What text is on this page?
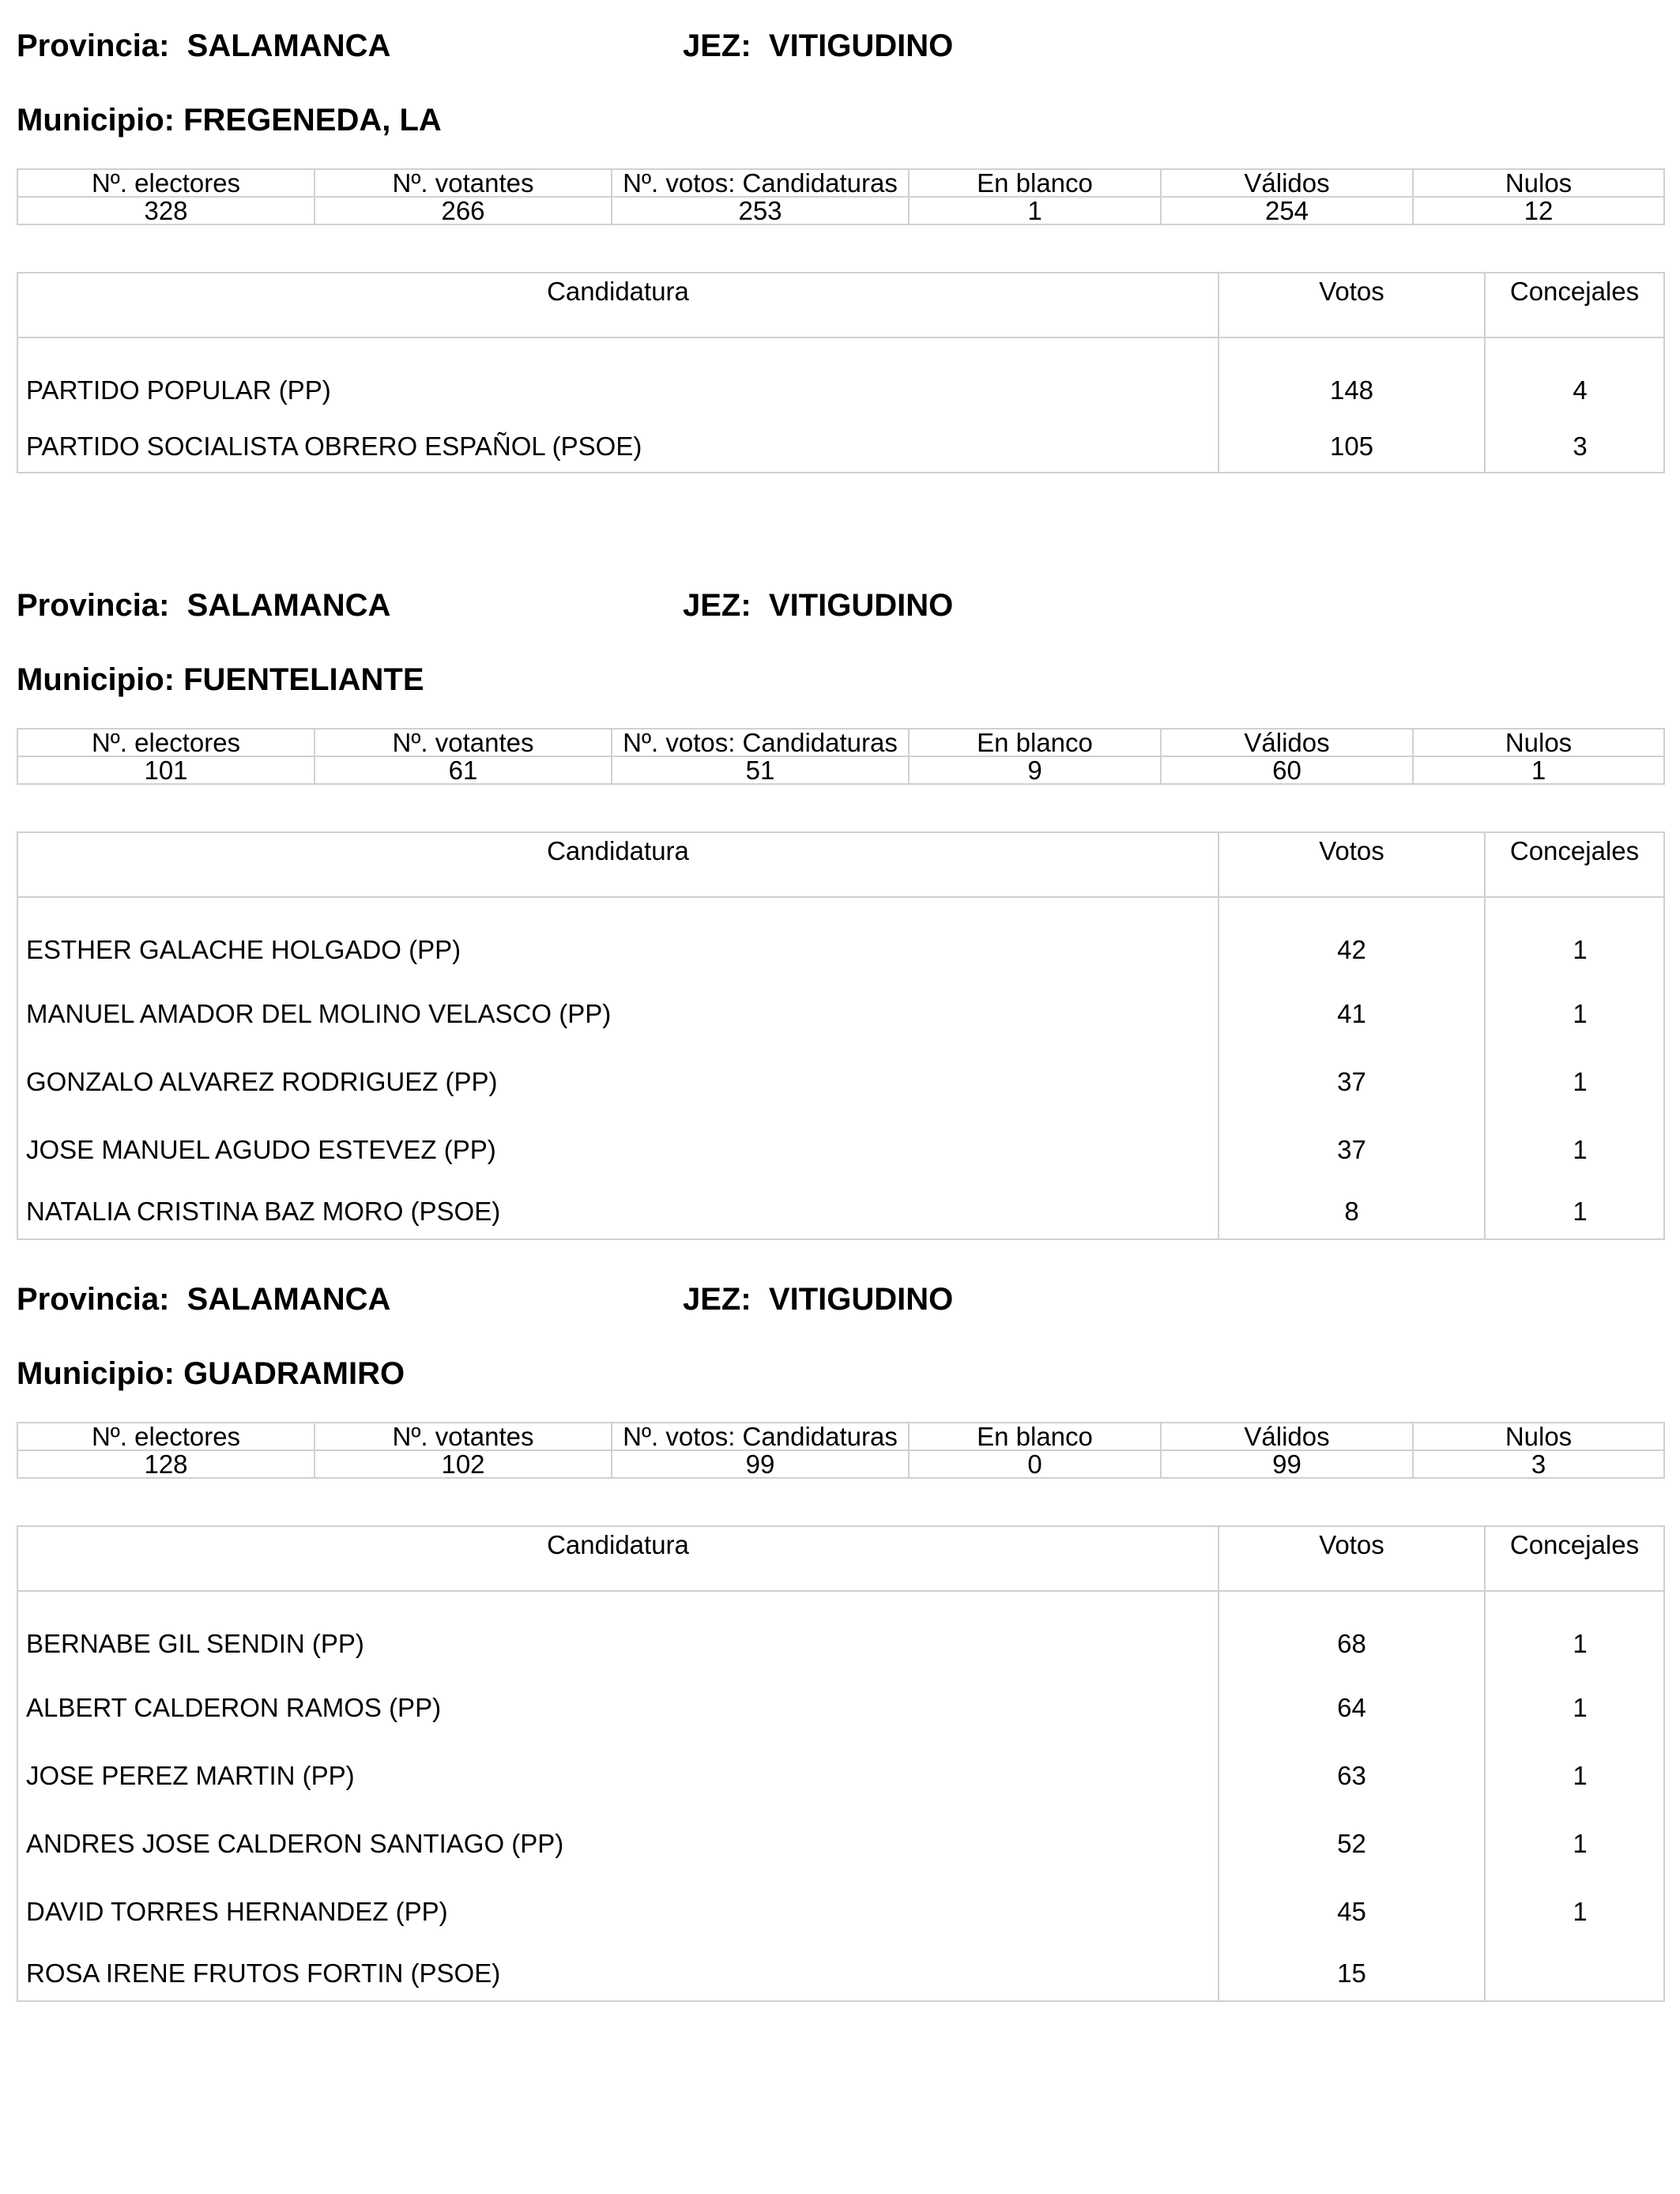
Provincia: SALAMANCA	JEZ: VITIGUDINO
Municipio: FREGENEDA, LA
Nº. electores	Nº. votantes	Nº. votos: Candidaturas	En blanco	Válidos	Nulos
328	266	253	1	254	12
Candidatura	Votos	Concejales
PARTIDO POPULAR (PP)	148	4
PARTIDO SOCIALISTA OBRERO ESPAÑOL (PSOE)	105	3
Provincia: SALAMANCA	JEZ: VITIGUDINO
Municipio: FUENTELIANTE
Nº. electores	Nº. votantes	Nº. votos: Candidaturas	En blanco	Válidos	Nulos
101	61	51	9	60	1
Candidatura	Votos	Concejales
ESTHER GALACHE HOLGADO (PP)	42	1
MANUEL AMADOR DEL MOLINO VELASCO (PP)	41	1
GONZALO ALVAREZ RODRIGUEZ (PP)	37	1
JOSE MANUEL AGUDO ESTEVEZ (PP)	37	1
NATALIA CRISTINA BAZ MORO (PSOE)	8	1
Provincia: SALAMANCA	JEZ: VITIGUDINO
Municipio: GUADRAMIRO
Nº. electores	Nº. votantes	Nº. votos: Candidaturas	En blanco	Válidos	Nulos
128	102	99	0	99	3
Candidatura	Votos	Concejales
BERNABE GIL SENDIN (PP)	68	1
ALBERT CALDERON RAMOS (PP)	64	1
JOSE PEREZ MARTIN (PP)	63	1
ANDRES JOSE CALDERON SANTIAGO (PP)	52	1
DAVID TORRES HERNANDEZ (PP)	45	1
ROSA IRENE FRUTOS FORTIN (PSOE)	15	
